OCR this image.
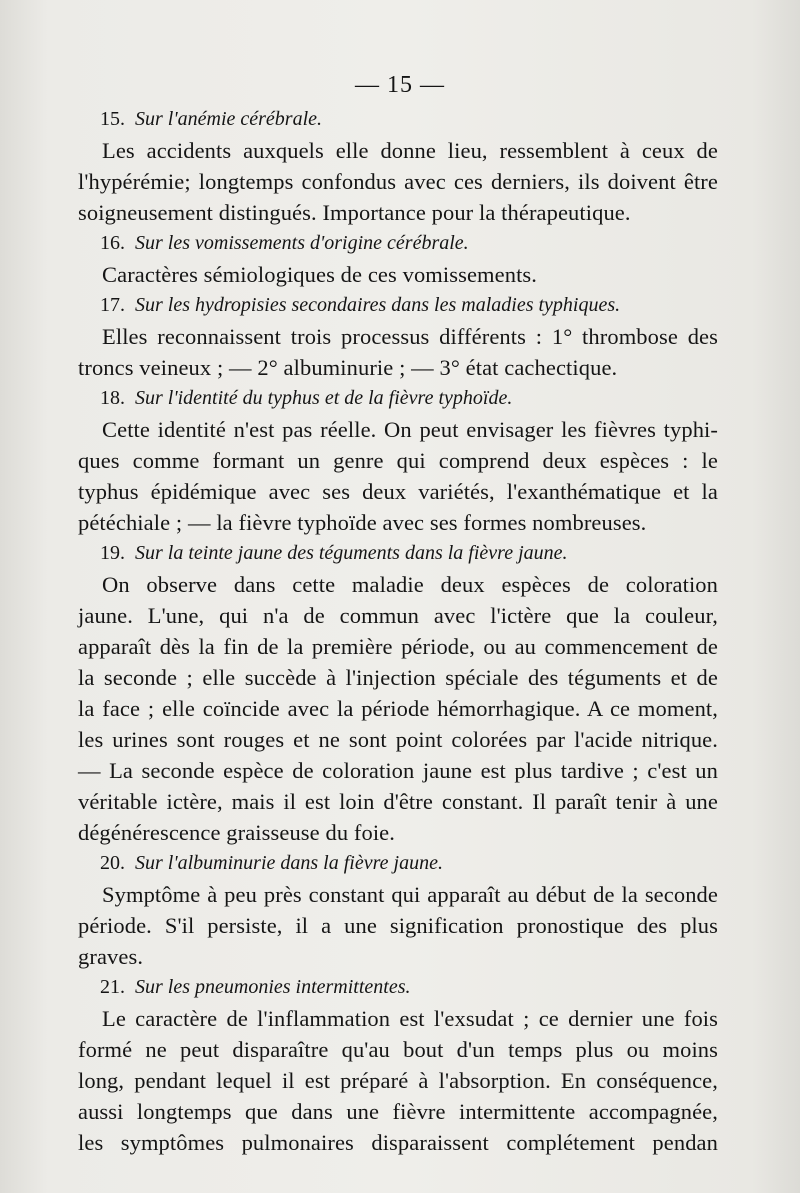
— 15 —
15. Sur l'anémie cérébrale.
Les accidents auxquels elle donne lieu, ressemblent à ceux de
l'hypérémie; longtemps confondus avec ces derniers, ils doivent être
soigneusement distingués. Importance pour la thérapeutique.
16. Sur les vomissements d'origine cérébrale.
Caractères sémiologiques de ces vomissements.
17. Sur les hydropisies secondaires dans les maladies typhiques.
Elles reconnaissent trois processus différents : 1° thrombose des
troncs veineux ; — 2° albuminurie ; — 3° état cachectique.
18. Sur l'identité du typhus et de la fièvre typhoïde.
Cette identité n'est pas réelle. On peut envisager les fièvres typhi-
ques comme formant un genre qui comprend deux espèces : le
typhus épidémique avec ses deux variétés, l'exanthématique et la
pétéchiale ; — la fièvre typhoïde avec ses formes nombreuses.
19. Sur la teinte jaune des téguments dans la fièvre jaune.
On observe dans cette maladie deux espèces de coloration
jaune. L'une, qui n'a de commun avec l'ictère que la couleur,
apparaît dès la fin de la première période, ou au commencement de
la seconde ; elle succède à l'injection spéciale des téguments et de
la face ; elle coïncide avec la période hémorrhagique. A ce moment,
les urines sont rouges et ne sont point colorées par l'acide nitrique.
— La seconde espèce de coloration jaune est plus tardive ; c'est un
véritable ictère, mais il est loin d'être constant. Il paraît tenir à une
dégénérescence graisseuse du foie.
20. Sur l'albuminurie dans la fièvre jaune.
Symptôme à peu près constant qui apparaît au début de la seconde
période. S'il persiste, il a une signification pronostique des plus
graves.
21. Sur les pneumonies intermittentes.
Le caractère de l'inflammation est l'exsudat ; ce dernier une fois
formé ne peut disparaître qu'au bout d'un temps plus ou moins
long, pendant lequel il est préparé à l'absorption. En conséquence,
aussi longtemps que dans une fièvre intermittente accompagnée,
les symptômes pulmonaires disparaissent complétement pendan
